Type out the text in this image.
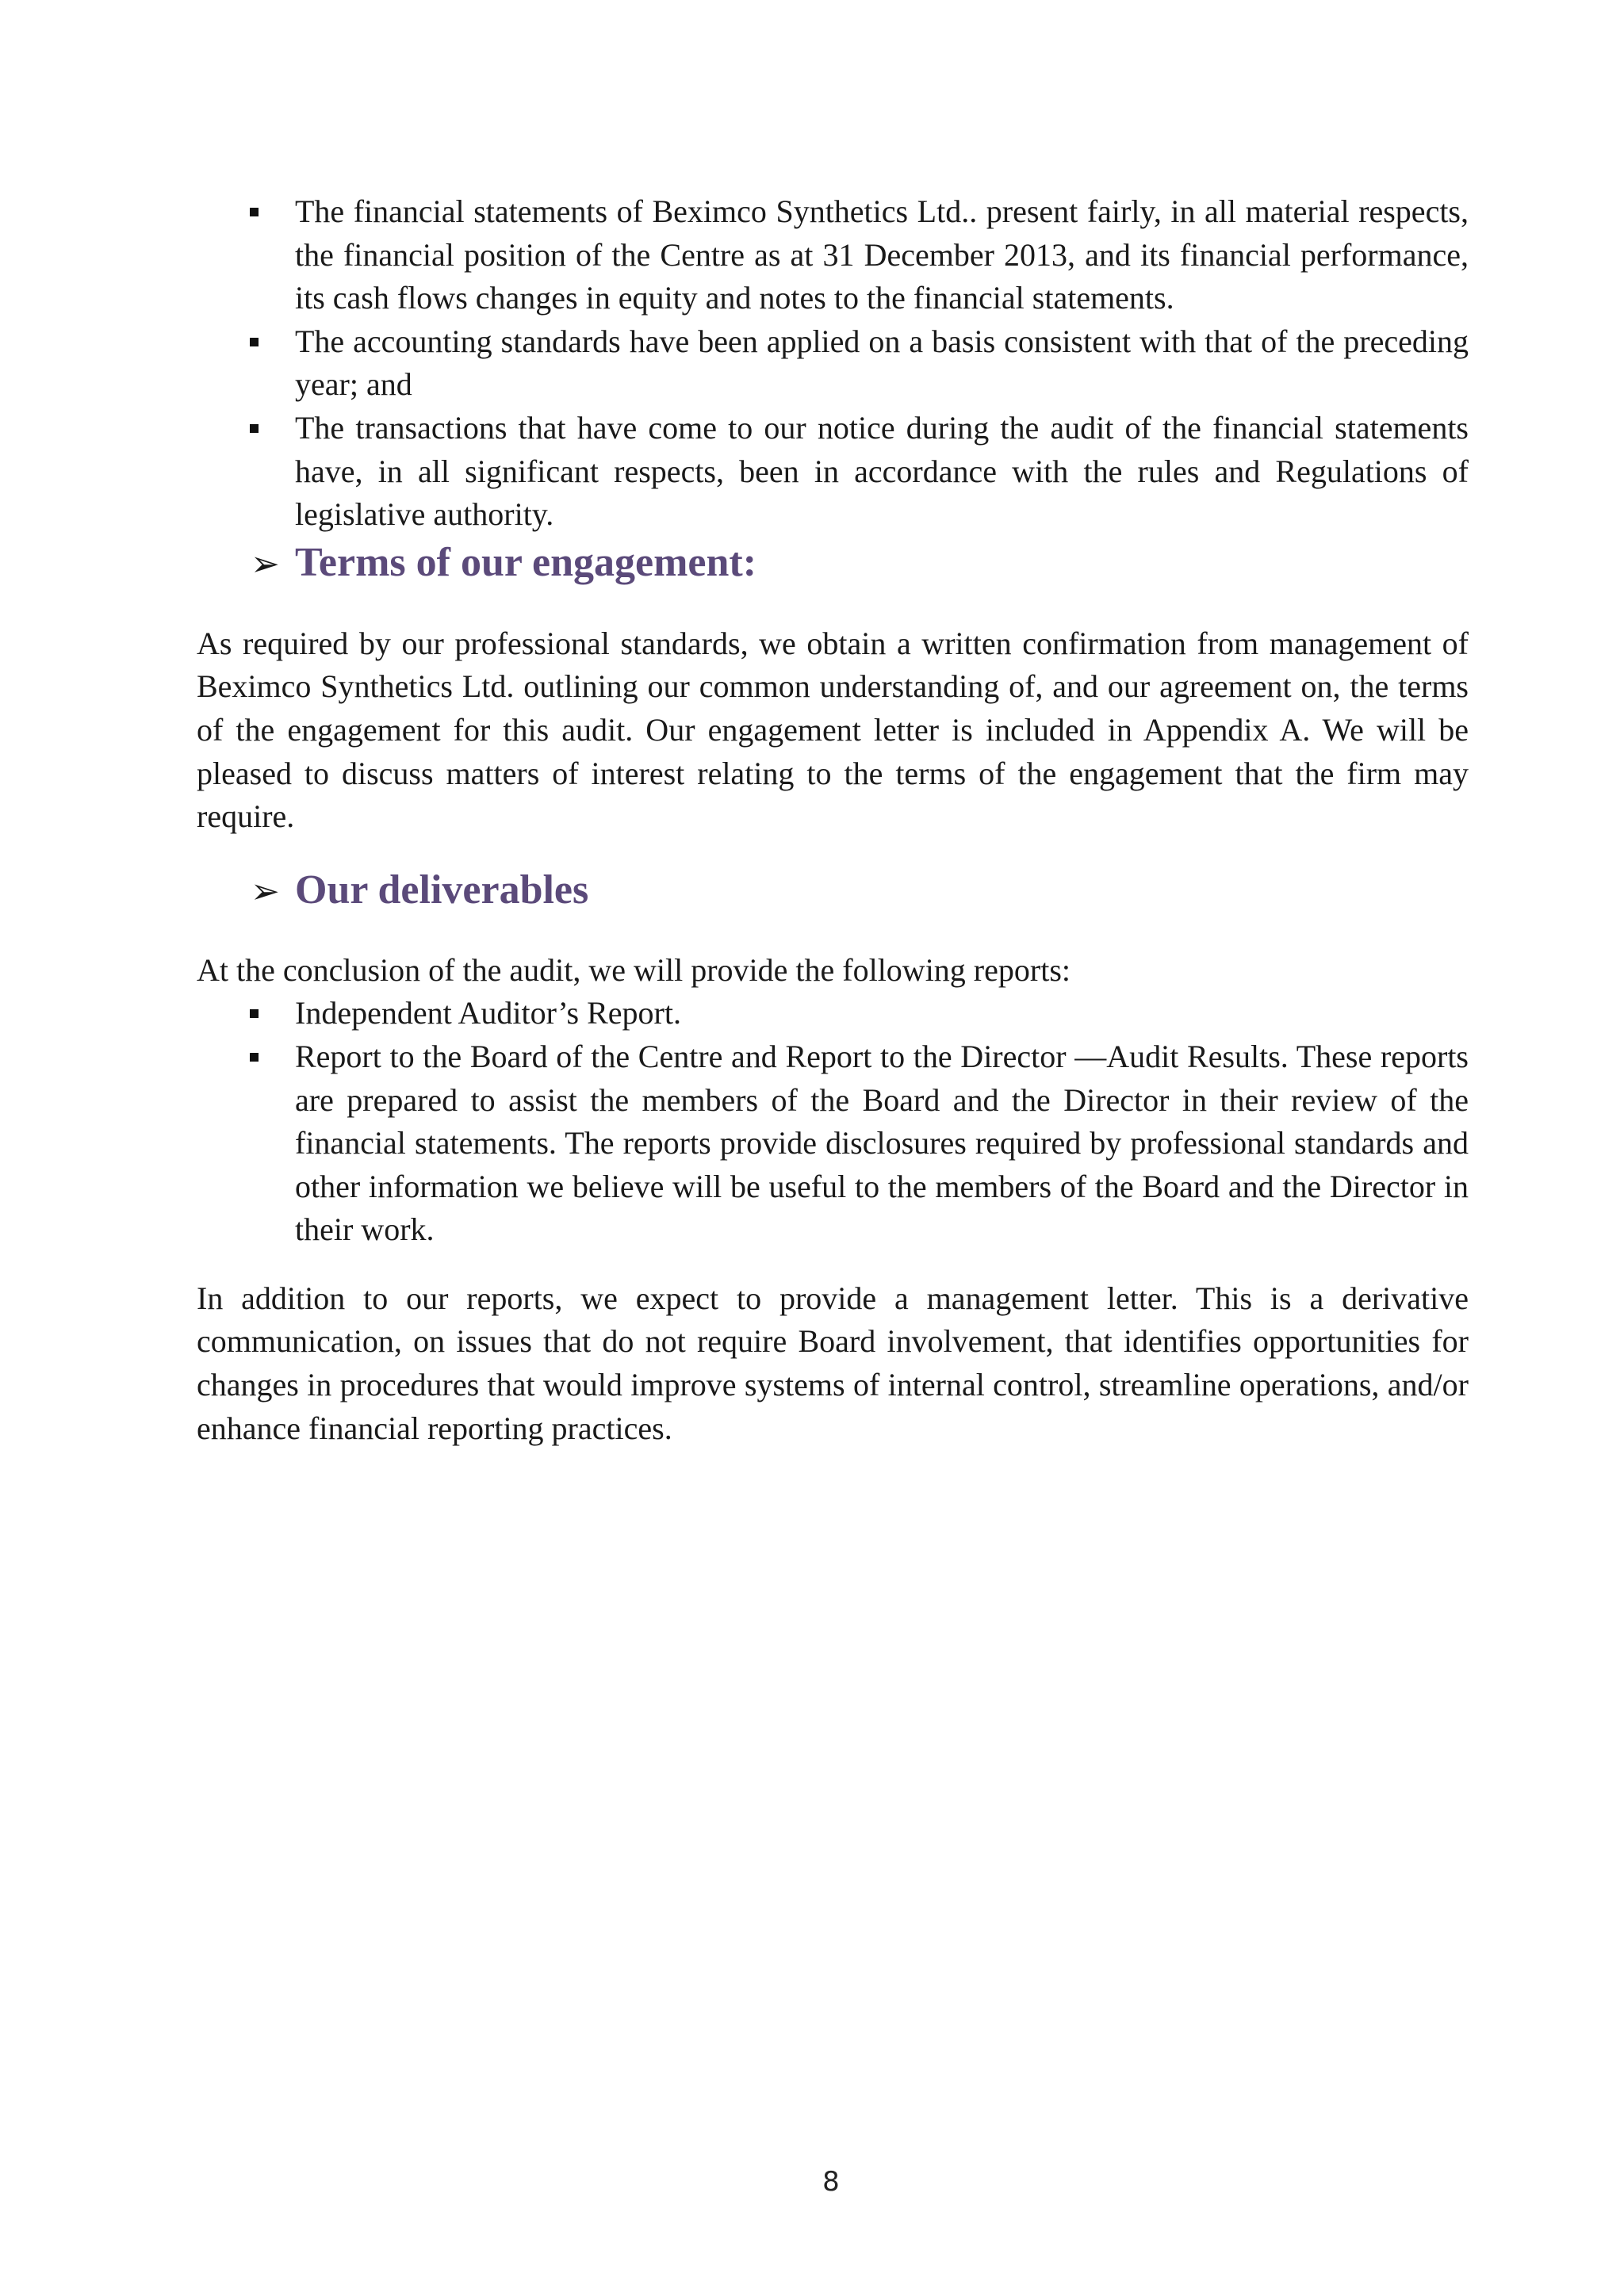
The financial statements of Beximco Synthetics Ltd.. present fairly, in all material respects, the financial position of the Centre as at 31 December 2013, and its financial performance, its cash flows changes in equity and notes to the financial statements.
The accounting standards have been applied on a basis consistent with that of the preceding year; and
The transactions that have come to our notice during the audit of the financial statements have, in all significant respects, been in accordance with the rules and Regulations of legislative authority.
➢ Terms of our engagement:

As required by our professional standards, we obtain a written confirmation from management of Beximco Synthetics Ltd. outlining our common understanding of, and our agreement on, the terms of the engagement for this audit. Our engagement letter is included in Appendix A. We will be pleased to discuss matters of interest relating to the terms of the engagement that the firm may require.

➢ Our deliverables

At the conclusion of the audit, we will provide the following reports:

Independent Auditor’s Report.
Report to the Board of the Centre and Report to the Director —Audit Results. These reports are prepared to assist the members of the Board and the Director in their review of the financial statements. The reports provide disclosures required by professional standards and other information we believe will be useful to the members of the Board and the Director in their work.

In addition to our reports, we expect to provide a management letter. This is a derivative communication, on issues that do not require Board involvement, that identifies opportunities for changes in procedures that would improve systems of internal control, streamline operations, and/or enhance financial reporting practices.

8
